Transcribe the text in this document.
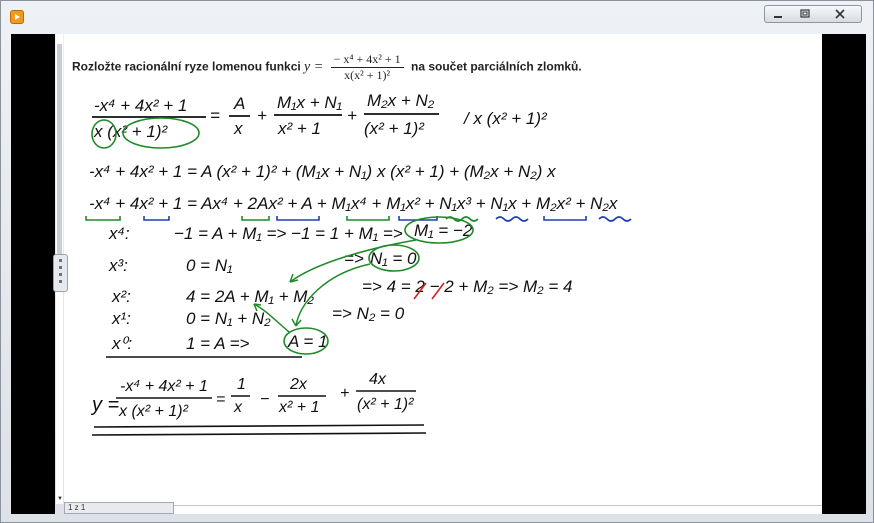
Rozložte racionální ryze lomenou funkci $y = \frac{\text{− x⁴ + 4x² + 1}}{\text{x(x² + 1)²}}$ na součet parciálních zlomků.
-x⁴ + 4x² + 1
x (x² + 1)²
=
A
x
+
M₁x + N₁
x² + 1
+
M₂x + N₂
(x² + 1)²
/ x (x² + 1)²
-x⁴ + 4x² + 1 = A (x² + 1)² + (M₁x + N₁) x (x² + 1) + (M₂x + N₂) x
-x⁴ + 4x² + 1 = Ax⁴ + 2Ax² + A + M₁x⁴ + M₁x² + N₁x³ + N₁x + M₂x² + N₂x
x⁴:	−1 = A + M₁ => −1 = 1 + M₁ => M₁ = −2
x³:	0 = N₁	=> N₁ = 0
x²:	4 = 2A + M₁ + M₂
=> 4 = 2 − 2 + M₂ => M₂ = 4
x¹:	0 = N₁ + N₂	=> N₂ = 0
x⁰:	1 = A => A = 1
y =
-x⁴ + 4x² + 1
x (x² + 1)²
=
1
x −
2x
x² + 1
+
4x
(x² + 1)²
▼
1 z 1
